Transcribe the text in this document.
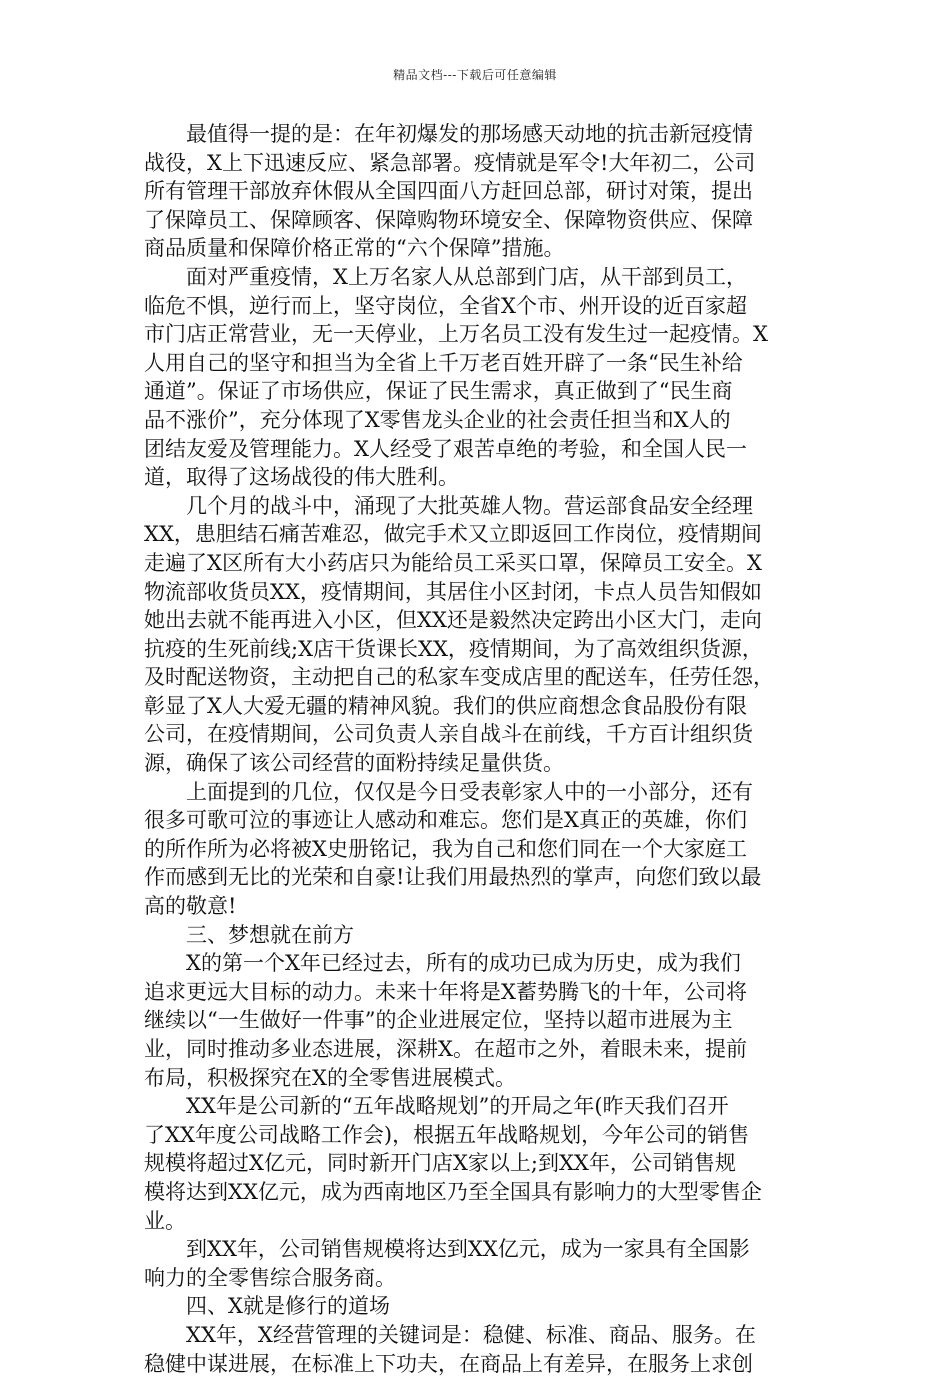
精品文档---下载后可任意编辑
　　最值得一提的是：在年初爆发的那场感天动地的抗击新冠疫情
战役，X上下迅速反应、紧急部署。疫情就是军令!大年初二，公司
所有管理干部放弃休假从全国四面八方赶回总部，研讨对策，提出
了保障员工、保障顾客、保障购物环境安全、保障物资供应、保障
商品质量和保障价格正常的“六个保障”措施。
　　面对严重疫情，X上万名家人从总部到门店，从干部到员工，
临危不惧，逆行而上，坚守岗位，全省X个市、州开设的近百家超
市门店正常营业，无一天停业，上万名员工没有发生过一起疫情。X
人用自己的坚守和担当为全省上千万老百姓开辟了一条“民生补给
通道”。保证了市场供应，保证了民生需求，真正做到了“民生商
品不涨价”，充分体现了X零售龙头企业的社会责任担当和X人的
团结友爱及管理能力。X人经受了艰苦卓绝的考验，和全国人民一
道，取得了这场战役的伟大胜利。
　　几个月的战斗中，涌现了大批英雄人物。营运部食品安全经理
XX，患胆结石痛苦难忍，做完手术又立即返回工作岗位，疫情期间
走遍了X区所有大小药店只为能给员工采买口罩，保障员工安全。X
物流部收货员XX，疫情期间，其居住小区封闭，卡点人员告知假如
她出去就不能再进入小区，但XX还是毅然决定跨出小区大门，走向
抗疫的生死前线;X店干货课长XX，疫情期间，为了高效组织货源，
及时配送物资，主动把自己的私家车变成店里的配送车，任劳任怨，
彰显了X人大爱无疆的精神风貌。我们的供应商想念食品股份有限
公司，在疫情期间，公司负责人亲自战斗在前线，千方百计组织货
源，确保了该公司经营的面粉持续足量供货。
　　上面提到的几位，仅仅是今日受表彰家人中的一小部分，还有
很多可歌可泣的事迹让人感动和难忘。您们是X真正的英雄，你们
的所作所为必将被X史册铭记，我为自己和您们同在一个大家庭工
作而感到无比的光荣和自豪!让我们用最热烈的掌声，向您们致以最
高的敬意!
　　三、梦想就在前方
　　X的第一个X年已经过去，所有的成功已成为历史，成为我们
追求更远大目标的动力。未来十年将是X蓄势腾飞的十年，公司将
继续以“一生做好一件事”的企业进展定位，坚持以超市进展为主
业，同时推动多业态进展，深耕X。在超市之外，着眼未来，提前
布局，积极探究在X的全零售进展模式。
　　XX年是公司新的“五年战略规划”的开局之年(昨天我们召开
了XX年度公司战略工作会)，根据五年战略规划，今年公司的销售
规模将超过X亿元，同时新开门店X家以上;到XX年，公司销售规
模将达到XX亿元，成为西南地区乃至全国具有影响力的大型零售企
业。
　　到XX年，公司销售规模将达到XX亿元，成为一家具有全国影
响力的全零售综合服务商。
　　四、X就是修行的道场
　　XX年，X经营管理的关键词是：稳健、标准、商品、服务。在
稳健中谋进展，在标准上下功夫，在商品上有差异，在服务上求创
